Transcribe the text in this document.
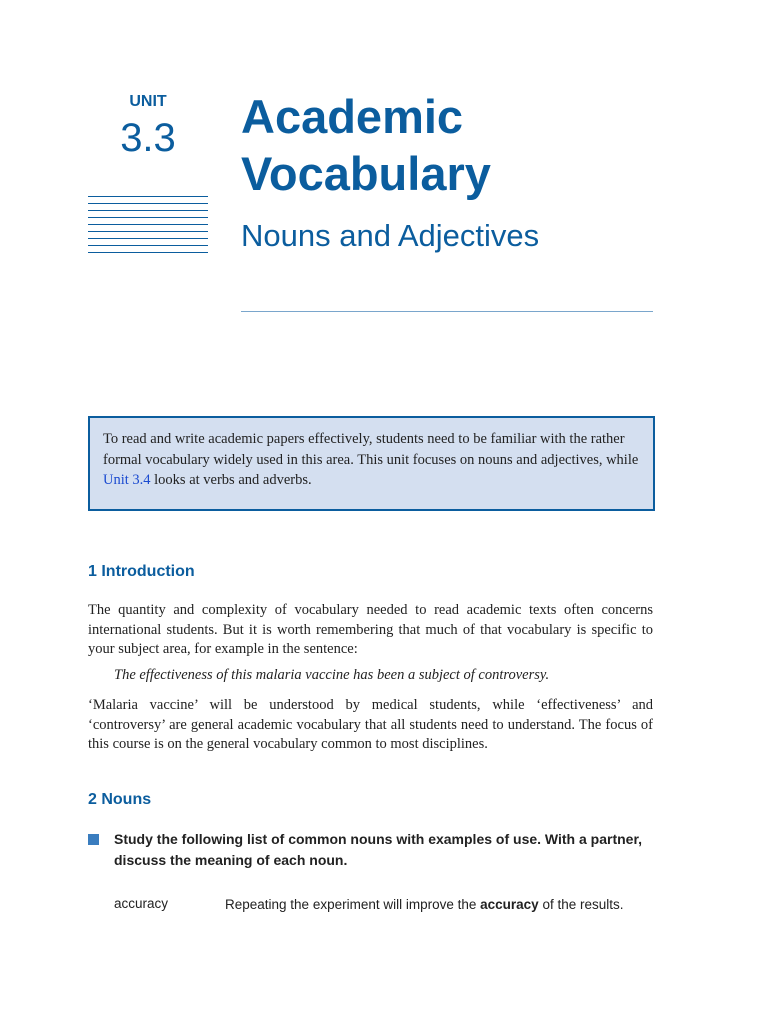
UNIT
3.3	Academic
Vocabulary
Nouns and Adjectives
To read and write academic papers effectively, students need to be familiar with the rather formal vocabulary widely used in this area. This unit focuses on nouns and adjectives, while Unit 3.4 looks at verbs and adverbs.
1 Introduction

The quantity and complexity of vocabulary needed to read academic texts often concerns international students. But it is worth remembering that much of that vocabulary is specific to your subject area, for example in the sentence:

The effectiveness of this malaria vaccine has been a subject of controversy.

‘Malaria vaccine’ will be understood by medical students, while ‘effectiveness’ and ‘controversy’ are general academic vocabulary that all students need to understand. The focus of this course is on the general vocabulary common to most disciplines.

2 Nouns
Study the following list of common nouns with examples of use. With a partner, discuss the meaning of each noun.
accuracy	Repeating the experiment will improve the accuracy of the results.
